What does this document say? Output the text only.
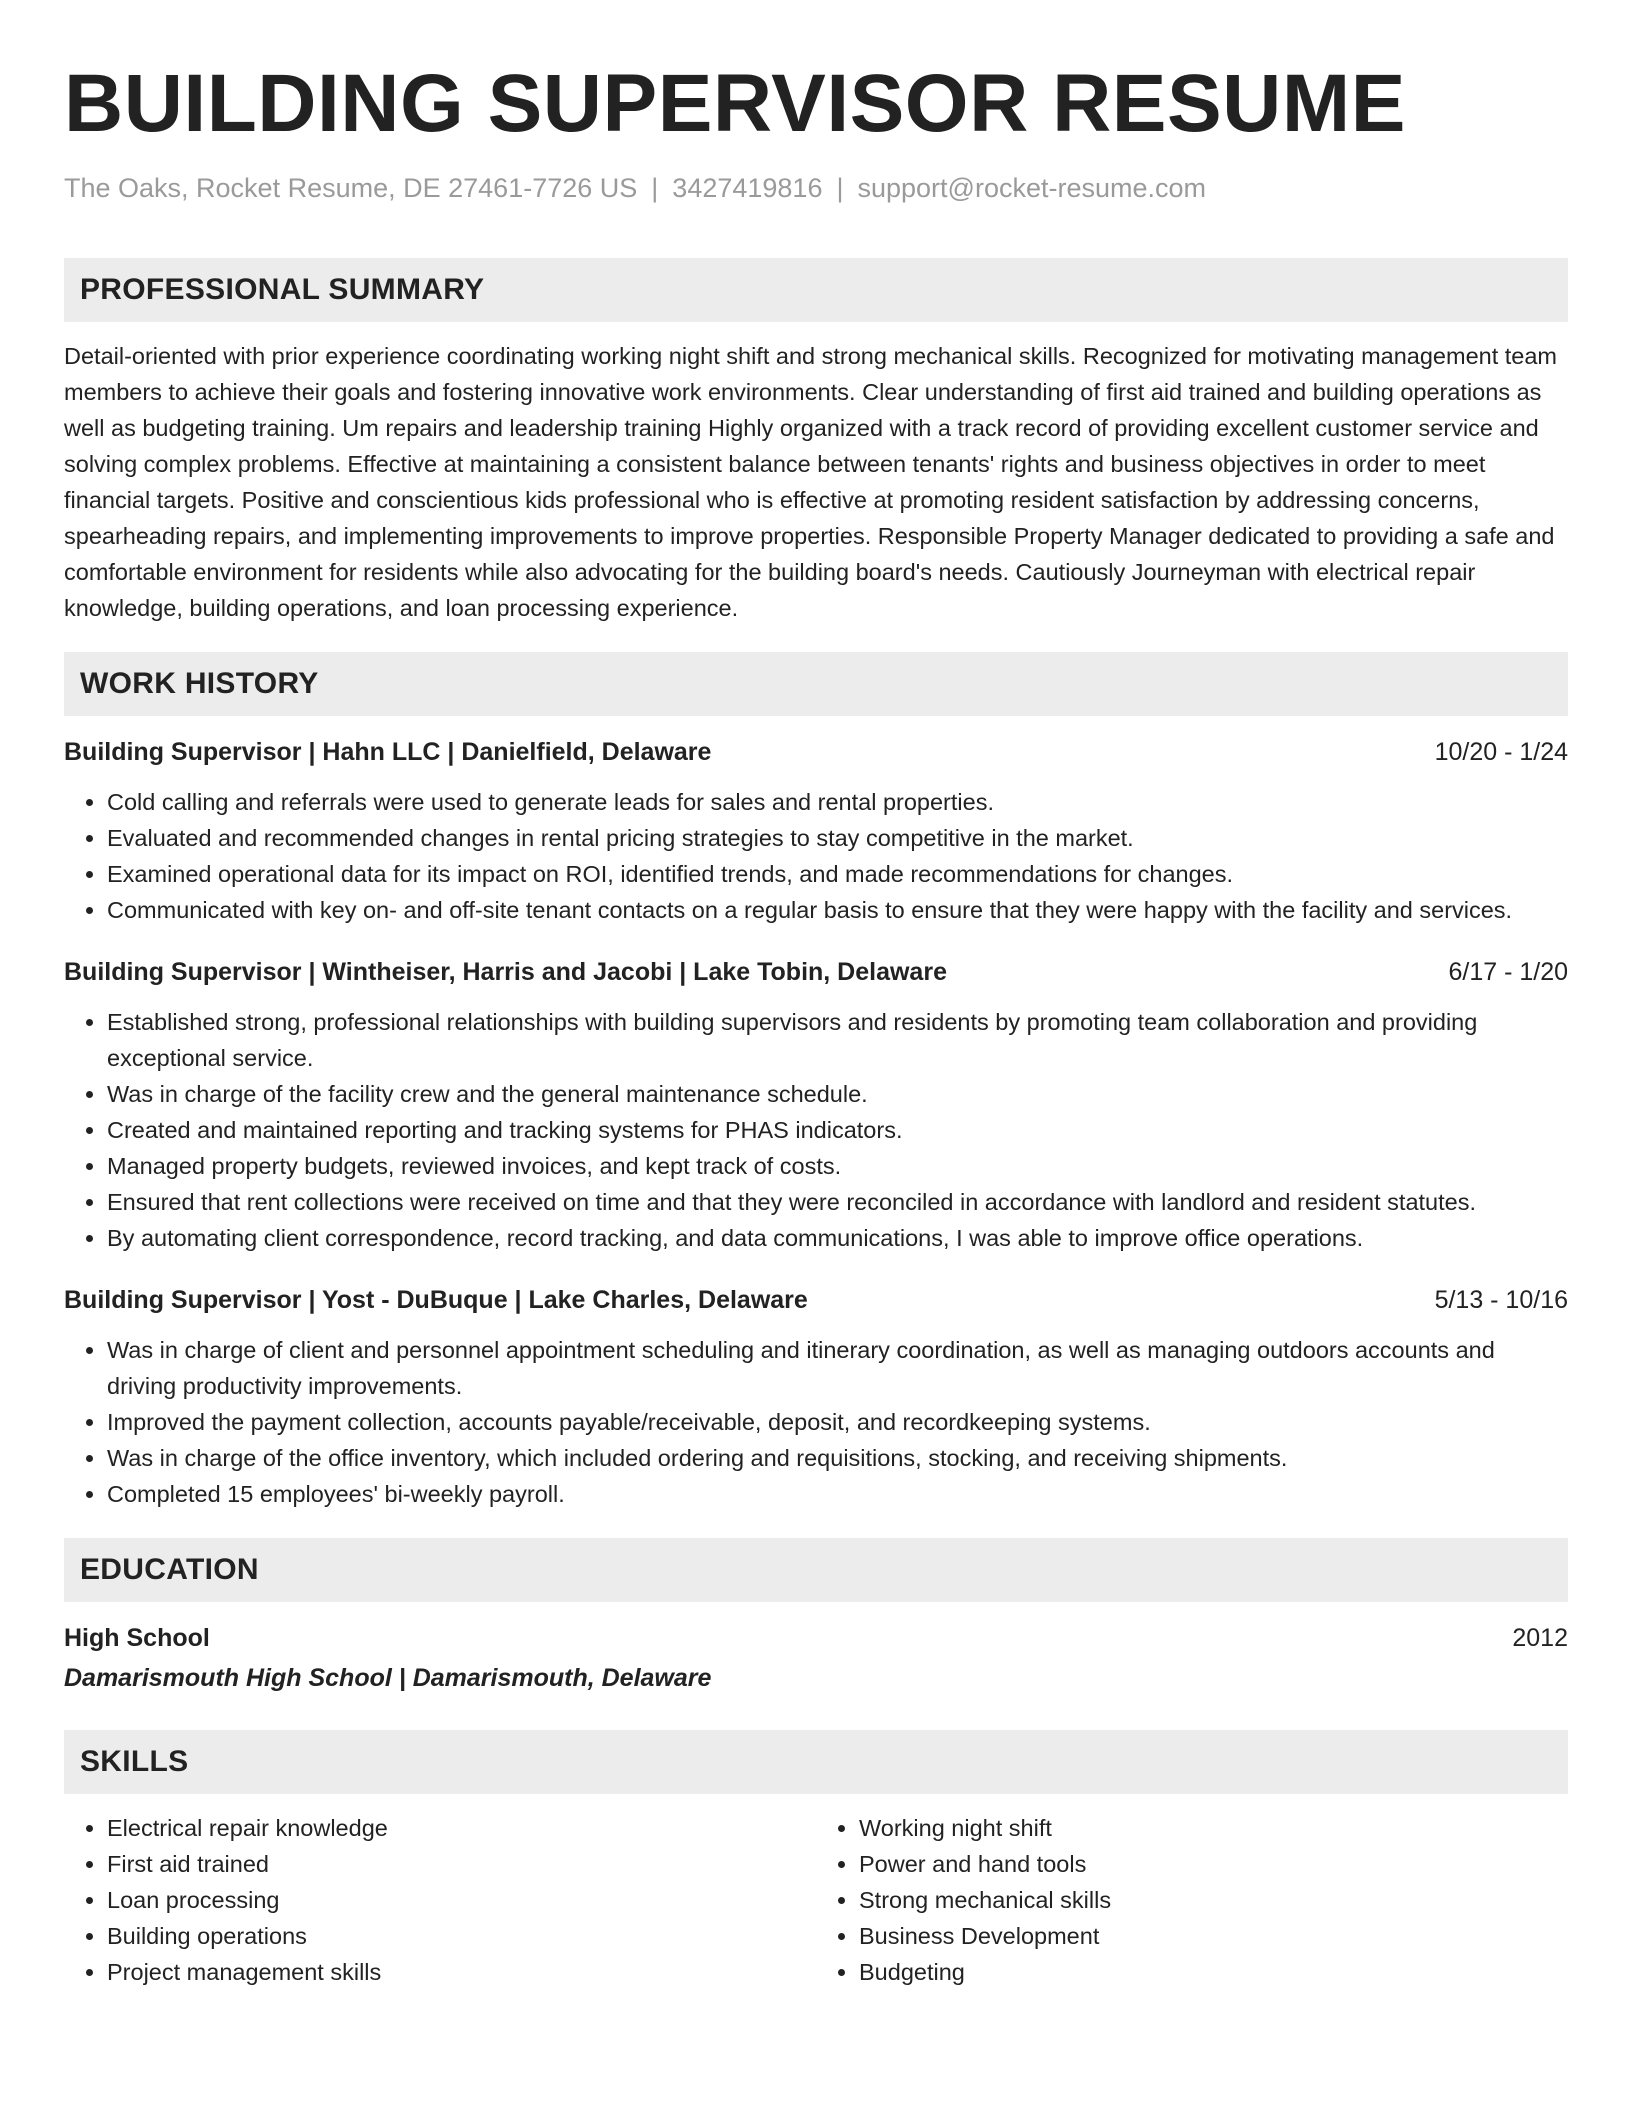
BUILDING SUPERVISOR RESUME
The Oaks, Rocket Resume, DE 27461-7726 US | 3427419816 | support@rocket-resume.com
PROFESSIONAL SUMMARY

Detail-oriented with prior experience coordinating working night shift and strong mechanical skills. Recognized for motivating management team members to achieve their goals and fostering innovative work environments. Clear understanding of first aid trained and building operations as well as budgeting training. Um repairs and leadership training Highly organized with a track record of providing excellent customer service and solving complex problems. Effective at maintaining a consistent balance between tenants' rights and business objectives in order to meet financial targets. Positive and conscientious kids professional who is effective at promoting resident satisfaction by addressing concerns, spearheading repairs, and implementing improvements to improve properties. Responsible Property Manager dedicated to providing a safe and comfortable environment for residents while also advocating for the building board's needs. Cautiously Journeyman with electrical repair knowledge, building operations, and loan processing experience.

WORK HISTORY
Building Supervisor | Hahn LLC | Danielfield, Delaware	10/20 - 1/24
• Cold calling and referrals were used to generate leads for sales and rental properties.
• Evaluated and recommended changes in rental pricing strategies to stay competitive in the market.
• Examined operational data for its impact on ROI, identified trends, and made recommendations for changes.
• Communicated with key on- and off-site tenant contacts on a regular basis to ensure that they were happy with the facility and services.
Building Supervisor | Wintheiser, Harris and Jacobi | Lake Tobin, Delaware	6/17 - 1/20
• Established strong, professional relationships with building supervisors and residents by promoting team collaboration and providing exceptional service.
• Was in charge of the facility crew and the general maintenance schedule.
• Created and maintained reporting and tracking systems for PHAS indicators.
• Managed property budgets, reviewed invoices, and kept track of costs.
• Ensured that rent collections were received on time and that they were reconciled in accordance with landlord and resident statutes.
• By automating client correspondence, record tracking, and data communications, I was able to improve office operations.
Building Supervisor | Yost - DuBuque | Lake Charles, Delaware	5/13 - 10/16
• Was in charge of client and personnel appointment scheduling and itinerary coordination, as well as managing outdoors accounts and driving productivity improvements.
• Improved the payment collection, accounts payable/receivable, deposit, and recordkeeping systems.
• Was in charge of the office inventory, which included ordering and requisitions, stocking, and receiving shipments.
• Completed 15 employees' bi-weekly payroll.
EDUCATION
High School	2012
Damarismouth High School | Damarismouth, Delaware
SKILLS
• Electrical repair knowledge
• First aid trained
• Loan processing
• Building operations
• Project management skills
• Working night shift
• Power and hand tools
• Strong mechanical skills
• Business Development
• Budgeting
